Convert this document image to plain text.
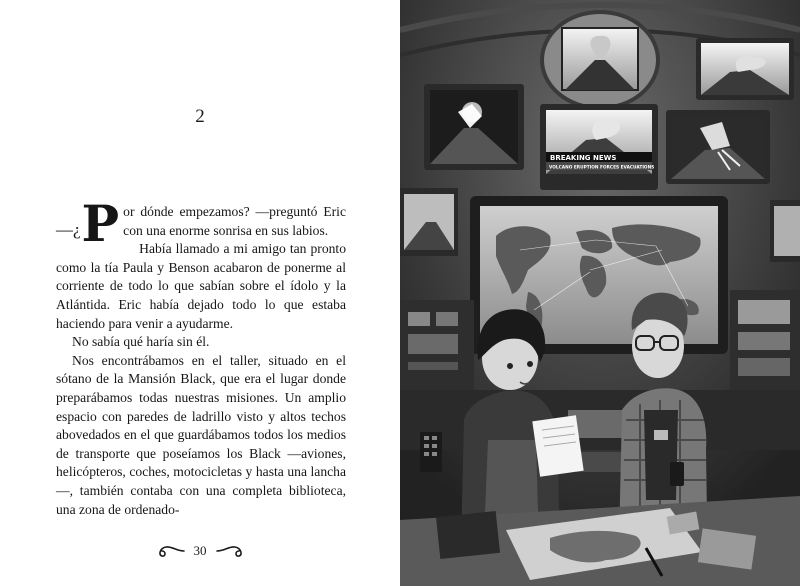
2

—¿ P or dónde empezamos? —preguntó Eric con una enorme sonrisa en sus labios.

Había llamado a mi amigo tan pronto como la tía Paula y Benson acabaron de ponerme al corriente de todo lo que sabían sobre el ídolo y la Atlántida. Eric había dejado todo lo que estaba haciendo para venir a ayudarme.

No sabía qué haría sin él.

Nos encontrábamos en el taller, situado en el sótano de la Mansión Black, que era el lugar donde preparábamos todas nuestras misiones. Un amplio espacio con paredes de ladrillo visto y altos techos abovedados en el que guardábamos todos los medios de transporte que poseíamos los Black —aviones, helicópteros, coches, motocicletas y hasta una lancha—, también contaba con una completa biblioteca, una zona de ordenado-

30
BREAKING NEWS
VOLCANO ERUPTION FORCES EVACUATIONS
